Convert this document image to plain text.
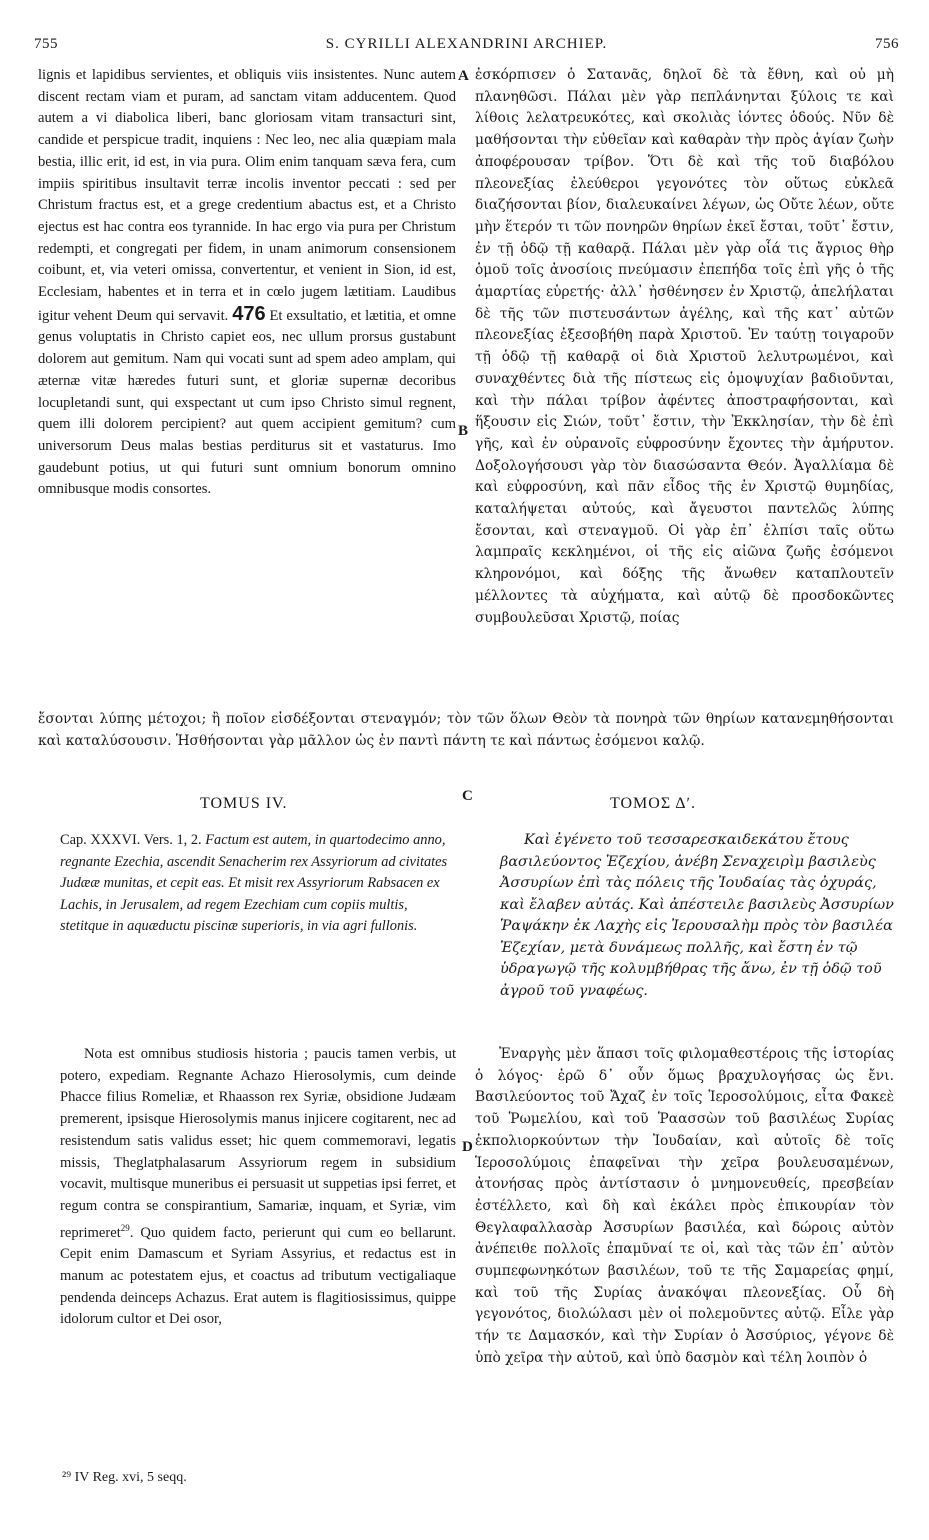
755	S. CYRILLI ALEXANDRINI ARCHIEP.	756
A
B
C
D

lignis et lapidibus servientes, et obliquis viis insistentes. Nunc autem discent rectam viam et puram, ad sanctam vitam adducentem. Quod autem a vi diabolica liberi, banc gloriosam vitam transacturi sint, candide et perspicue tradit, inquiens : Nec leo, nec alia quæpiam mala bestia, illic erit, id est, in via pura. Olim enim tanquam sæva fera, cum impiis spiritibus insultavit terræ incolis inventor peccati : sed per Christum fractus est, et a grege credentium abactus est, et a Christo ejectus est hac contra eos tyrannide. In hac ergo via pura per Christum redempti, et congregati per fidem, in unam animorum consensionem coibunt, et, via veteri omissa, convertentur, et venient in Sion, id est, Ecclesiam, habentes et in terra et in cœlo jugem lætitiam. Laudibus igitur vehent Deum qui servavit. 476 Et exsultatio, et lætitia, et omne genus voluptatis in Christo capiet eos, nec ullum prorsus gustabunt dolorem aut gemitum. Nam qui vocati sunt ad spem adeo amplam, qui æternæ vitæ hæredes futuri sunt, et gloriæ supernæ decoribus locupletandi sunt, qui exspectant ut cum ipso Christo simul regnent, quem illi dolorem percipient? aut quem accipient gemitum? cum universorum Deus malas bestias perditurus sit et vastaturus. Imo gaudebunt potius, ut qui futuri sunt omnium bonorum omnino omnibusque modis consortes.

ἐσκόρπισεν ὁ Σατανᾶς, δηλοῖ δὲ τὰ ἔθνη, καὶ οὐ μὴ πλανηθῶσι. Πάλαι μὲν γὰρ πεπλάνηνται ξύλοις τε καὶ λίθοις λελατρευκότες, καὶ σκολιὰς ἰόντες ὁδούς. Νῦν δὲ μαθήσονται τὴν εὐθεῖαν καὶ καθαρὰν τὴν πρὸς ἁγίαν ζωὴν ἀποφέρουσαν τρίβον. Ὅτι δὲ καὶ τῆς τοῦ διαβόλου πλεονεξίας ἐλεύθεροι γεγονότες τὸν οὕτως εὐκλεᾶ διαζήσονται βίον, διαλευκαίνει λέγων, ὡς Οὔτε λέων, οὔτε μὴν ἕτερόν τι τῶν πονηρῶν θηρίων ἐκεῖ ἔσται, τοῦτ᾽ ἔστιν, ἐν τῇ ὁδῷ τῇ καθαρᾷ. Πάλαι μὲν γὰρ οἷά τις ἄγριος θὴρ ὁμοῦ τοῖς ἀνοσίοις πνεύμασιν ἐπεπήδα τοῖς ἐπὶ γῆς ὁ τῆς ἁμαρτίας εὑρετής· ἀλλ᾽ ἠσθένησεν ἐν Χριστῷ, ἀπελήλαται δὲ τῆς τῶν πιστευσάντων ἀγέλης, καὶ τῆς κατ᾽ αὐτῶν πλεονεξίας ἐξεσοβήθη παρὰ Χριστοῦ. Ἐν ταύτῃ τοιγαροῦν τῇ ὁδῷ τῇ καθαρᾷ οἱ διὰ Χριστοῦ λελυτρωμένοι, καὶ συναχθέντες διὰ τῆς πίστεως εἰς ὁμοψυχίαν βαδιοῦνται, καὶ τὴν πάλαι τρίβον ἀφέντες ἀποστραφήσονται, καὶ ἥξουσιν εἰς Σιών, τοῦτ᾽ ἔστιν, τὴν Ἐκκλησίαν, τὴν δὲ ἐπὶ γῆς, καὶ ἐν οὐρανοῖς εὐφροσύνην ἔχοντες τὴν ἀμήρυτον. Δοξολογήσουσι γὰρ τὸν διασώσαντα Θεόν. Ἀγαλλίαμα δὲ καὶ εὐφροσύνη, καὶ πᾶν εἶδος τῆς ἐν Χριστῷ θυμηδίας, καταλήψεται αὐτούς, καὶ ἄγευστοι παντελῶς λύπης ἔσονται, καὶ στεναγμοῦ. Οἱ γὰρ ἐπ᾽ ἐλπίσι ταῖς οὕτω λαμπραῖς κεκλημένοι, οἱ τῆς εἰς αἰῶνα ζωῆς ἐσόμενοι κληρονόμοι, καὶ δόξης τῆς ἄνωθεν καταπλουτεῖν μέλλοντες τὰ αὐχήματα, καὶ αὐτῷ δὲ προσδοκῶντες συμβουλεῦσαι Χριστῷ, ποίας

ἔσονται λύπης μέτοχοι; ἢ ποῖον εἰσδέξονται στεναγμόν; τὸν τῶν ὅλων Θεὸν τὰ πονηρὰ τῶν θηρίων κατανεμηθήσονται καὶ καταλύσουσιν. Ἡσθήσονται γὰρ μᾶλλον ὡς ἐν παντὶ πάντη τε καὶ πάντως ἐσόμενοι καλῷ.

TOMUS IV.	ΤΟΜΟΣ Δʹ.

Cap. XXXVI. Vers. 1, 2. Factum est autem, in quartodecimo anno, regnante Ezechia, ascendit Senacherim rex Assyriorum ad civitates Judææ munitas, et cepit eas. Et misit rex Assyriorum Rabsacen ex Lachis, in Jerusalem, ad regem Ezechiam cum copiis multis, stetitque in aquæductu piscinæ superioris, in via agri fullonis.

Καὶ ἐγένετο τοῦ τεσσαρεσκαιδεκάτου ἔτους βασιλεύοντος Ἐζεχίου, ἀνέβη Σεναχειρὶμ βασιλεὺς Ἀσσυρίων ἐπὶ τὰς πόλεις τῆς Ἰουδαίας τὰς ὀχυράς, καὶ ἔλαβεν αὐτάς. Καὶ ἀπέστειλε βασιλεὺς Ἀσσυρίων Ῥαψάκην ἐκ Λαχὴς εἰς Ἰερουσαλὴμ πρὸς τὸν βασιλέα Ἐζεχίαν, μετὰ δυνάμεως πολλῆς, καὶ ἔστη ἐν τῷ ὑδραγωγῷ τῆς κολυμβήθρας τῆς ἄνω, ἐν τῇ ὁδῷ τοῦ ἀγροῦ τοῦ γναφέως.

Nota est omnibus studiosis historia ; paucis tamen verbis, ut potero, expediam. Regnante Achazo Hierosolymis, cum deinde Phacce filius Romeliæ, et Rhaasson rex Syriæ, obsidione Judæam premerent, ipsisque Hierosolymis manus injicere cogitarent, nec ad resistendum satis validus esset; hic quem commemoravi, legatis missis, Theglatphalasarum Assyriorum regem in subsidium vocavit, multisque muneribus ei persuasit ut suppetias ipsi ferret, et regum contra se conspirantium, Samariæ, inquam, et Syriæ, vim reprimeret$^{29}$. Quo quidem facto, perierunt qui cum eo bellarunt. Cepit enim Damascum et Syriam Assyrius, et redactus est in manum ac potestatem ejus, et coactus ad tributum vectigaliaque pendenda deinceps Achazus. Erat autem is flagitiosissimus, quippe idolorum cultor et Dei osor,

Ἐναργὴς μὲν ἅπασι τοῖς φιλομαθεστέροις τῆς ἱστορίας ὁ λόγος· ἐρῶ δ᾽ οὖν ὅμως βραχυλογήσας ὡς ἔνι. Βασιλεύοντος τοῦ Ἄχαζ ἐν τοῖς Ἱεροσολύμοις, εἶτα Φακεὲ τοῦ Ῥωμελίου, καὶ τοῦ Ῥαασσὼν τοῦ βασιλέως Συρίας ἐκπολιορκούντων τὴν Ἰουδαίαν, καὶ αὐτοῖς δὲ τοῖς Ἱεροσολύμοις ἐπαφεῖναι τὴν χεῖρα βουλευσαμένων, ἀτονήσας πρὸς ἀντίστασιν ὁ μνημονευθείς, πρεσβείαν ἐστέλλετο, καὶ δὴ καὶ ἐκάλει πρὸς ἐπικουρίαν τὸν Θεγλαφαλλασὰρ Ἀσσυρίων βασιλέα, καὶ δώροις αὐτὸν ἀνέπειθε πολλοῖς ἐπαμῦναί τε οἱ, καὶ τὰς τῶν ἐπ᾽ αὐτὸν συμπεφωνηκότων βασιλέων, τοῦ τε τῆς Σαμαρείας φημί, καὶ τοῦ τῆς Συρίας ἀνακόψαι πλεονεξίας. Οὗ δὴ γεγονότος, διολώλασι μὲν οἱ πολεμοῦντες αὐτῷ. Εἷλε γὰρ τήν τε Δαμασκόν, καὶ τὴν Συρίαν ὁ Ἀσσύριος, γέγονε δὲ ὑπὸ χεῖρα τὴν αὐτοῦ, καὶ ὑπὸ δασμὸν καὶ τέλη λοιπὸν ὁ

²⁹ IV Reg. xvi, 5 seqq.
